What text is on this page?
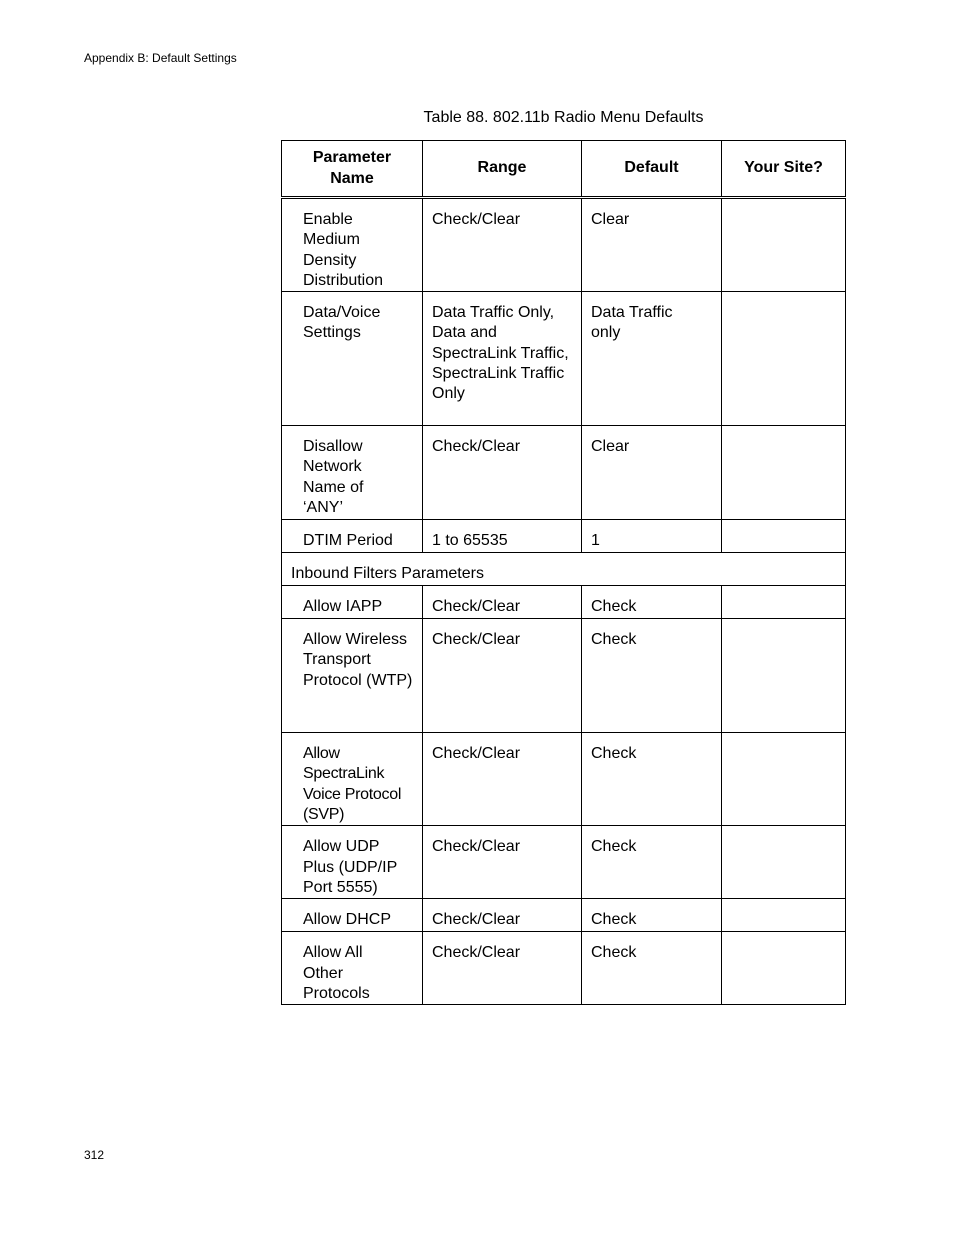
Appendix B: Default Settings
Table 88. 802.11b Radio Menu Defaults
Parameter Name	Range	Default	Your Site?

Enable Medium Density Distribution	Check/Clear	Clear	

Data/Voice Settings	Data Traffic Only, Data and SpectraLink Traffic, SpectraLink Traffic Only	Data Traffic only	

Disallow Network Name of ‘ANY’	Check/Clear	Clear	

DTIM Period	1 to 65535	1	

Inbound Filters Parameters			

Allow IAPP	Check/Clear	Check	

Allow Wireless Transport Protocol (WTP)	Check/Clear	Check	

Allow SpectraLink Voice Protocol (SVP)	Check/Clear	Check	

Allow UDP Plus (UDP/IP Port 5555)	Check/Clear	Check	

Allow DHCP	Check/Clear	Check	

Allow All Other Protocols	Check/Clear	Check	

312
